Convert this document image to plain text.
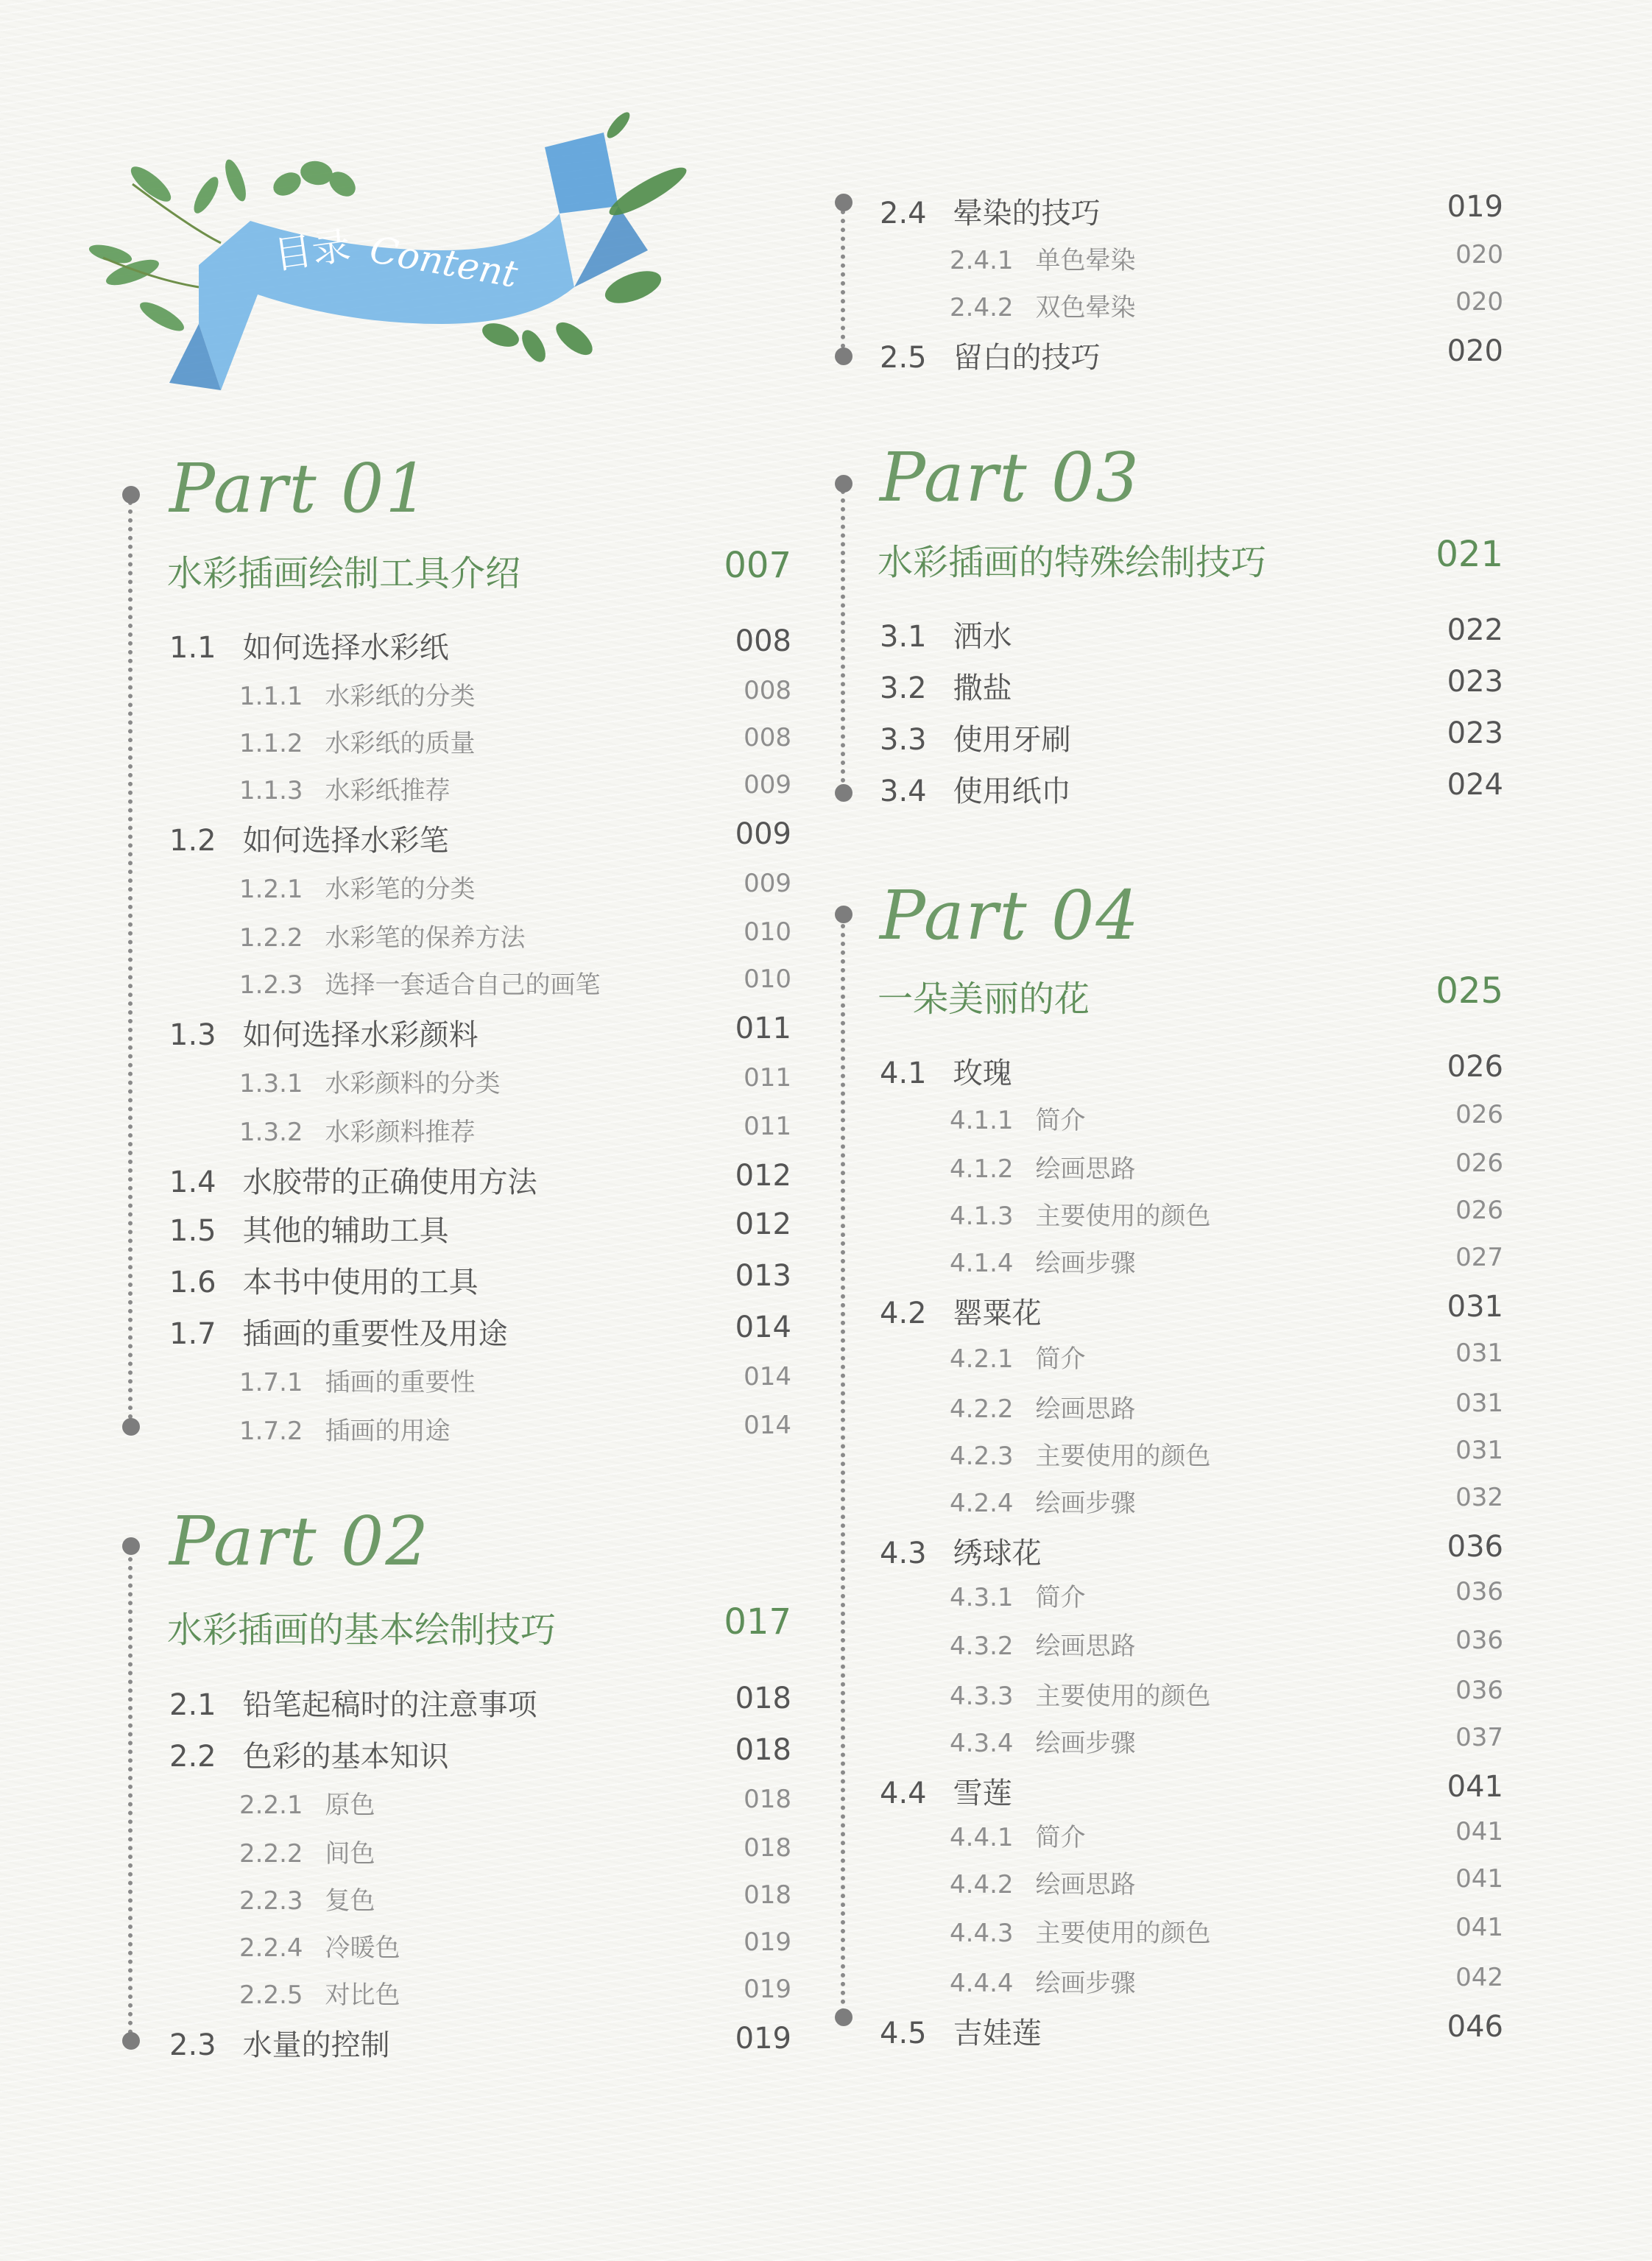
目录 Content
Part 01
水彩插画绘制工具介绍	007
1.1 如何选择水彩纸	008
1.1.1 水彩纸的分类	008
1.1.2 水彩纸的质量	008
1.1.3 水彩纸推荐	009
1.2 如何选择水彩笔	009
1.2.1 水彩笔的分类	009
1.2.2 水彩笔的保养方法	010
1.2.3 选择一套适合自己的画笔	010
1.3 如何选择水彩颜料	011
1.3.1 水彩颜料的分类	011
1.3.2 水彩颜料推荐	011
1.4 水胶带的正确使用方法	012
1.5 其他的辅助工具	012
1.6 本书中使用的工具	013
1.7 插画的重要性及用途	014
1.7.1 插画的重要性	014
1.7.2 插画的用途	014
Part 02
水彩插画的基本绘制技巧	017
2.1 铅笔起稿时的注意事项	018
2.2 色彩的基本知识	018
2.2.1 原色	018
2.2.2 间色	018
2.2.3 复色	018
2.2.4 冷暖色	019
2.2.5 对比色	019
2.3 水量的控制	019
Part 03
水彩插画的特殊绘制技巧	021
3.1 洒水	022
3.2 撒盐	023
3.3 使用牙刷	023
3.4 使用纸巾	024
Part 04
一朵美丽的花	025
4.1 玫瑰	026
4.1.1 简介	026
4.1.2 绘画思路	026
4.1.3 主要使用的颜色	026
4.1.4 绘画步骤	027
4.2 罂粟花	031
4.2.1 简介	031
4.2.2 绘画思路	031
4.2.3 主要使用的颜色	031
4.2.4 绘画步骤	032
4.3 绣球花	036
4.3.1 简介	036
4.3.2 绘画思路	036
4.3.3 主要使用的颜色	036
4.3.4 绘画步骤	037
4.4 雪莲	041
4.4.1 简介	041
4.4.2 绘画思路	041
4.4.3 主要使用的颜色	041
4.4.4 绘画步骤	042
4.5 吉娃莲	046
2.4 晕染的技巧	019
2.4.1 单色晕染	020
2.4.2 双色晕染	020
2.5 留白的技巧	020
